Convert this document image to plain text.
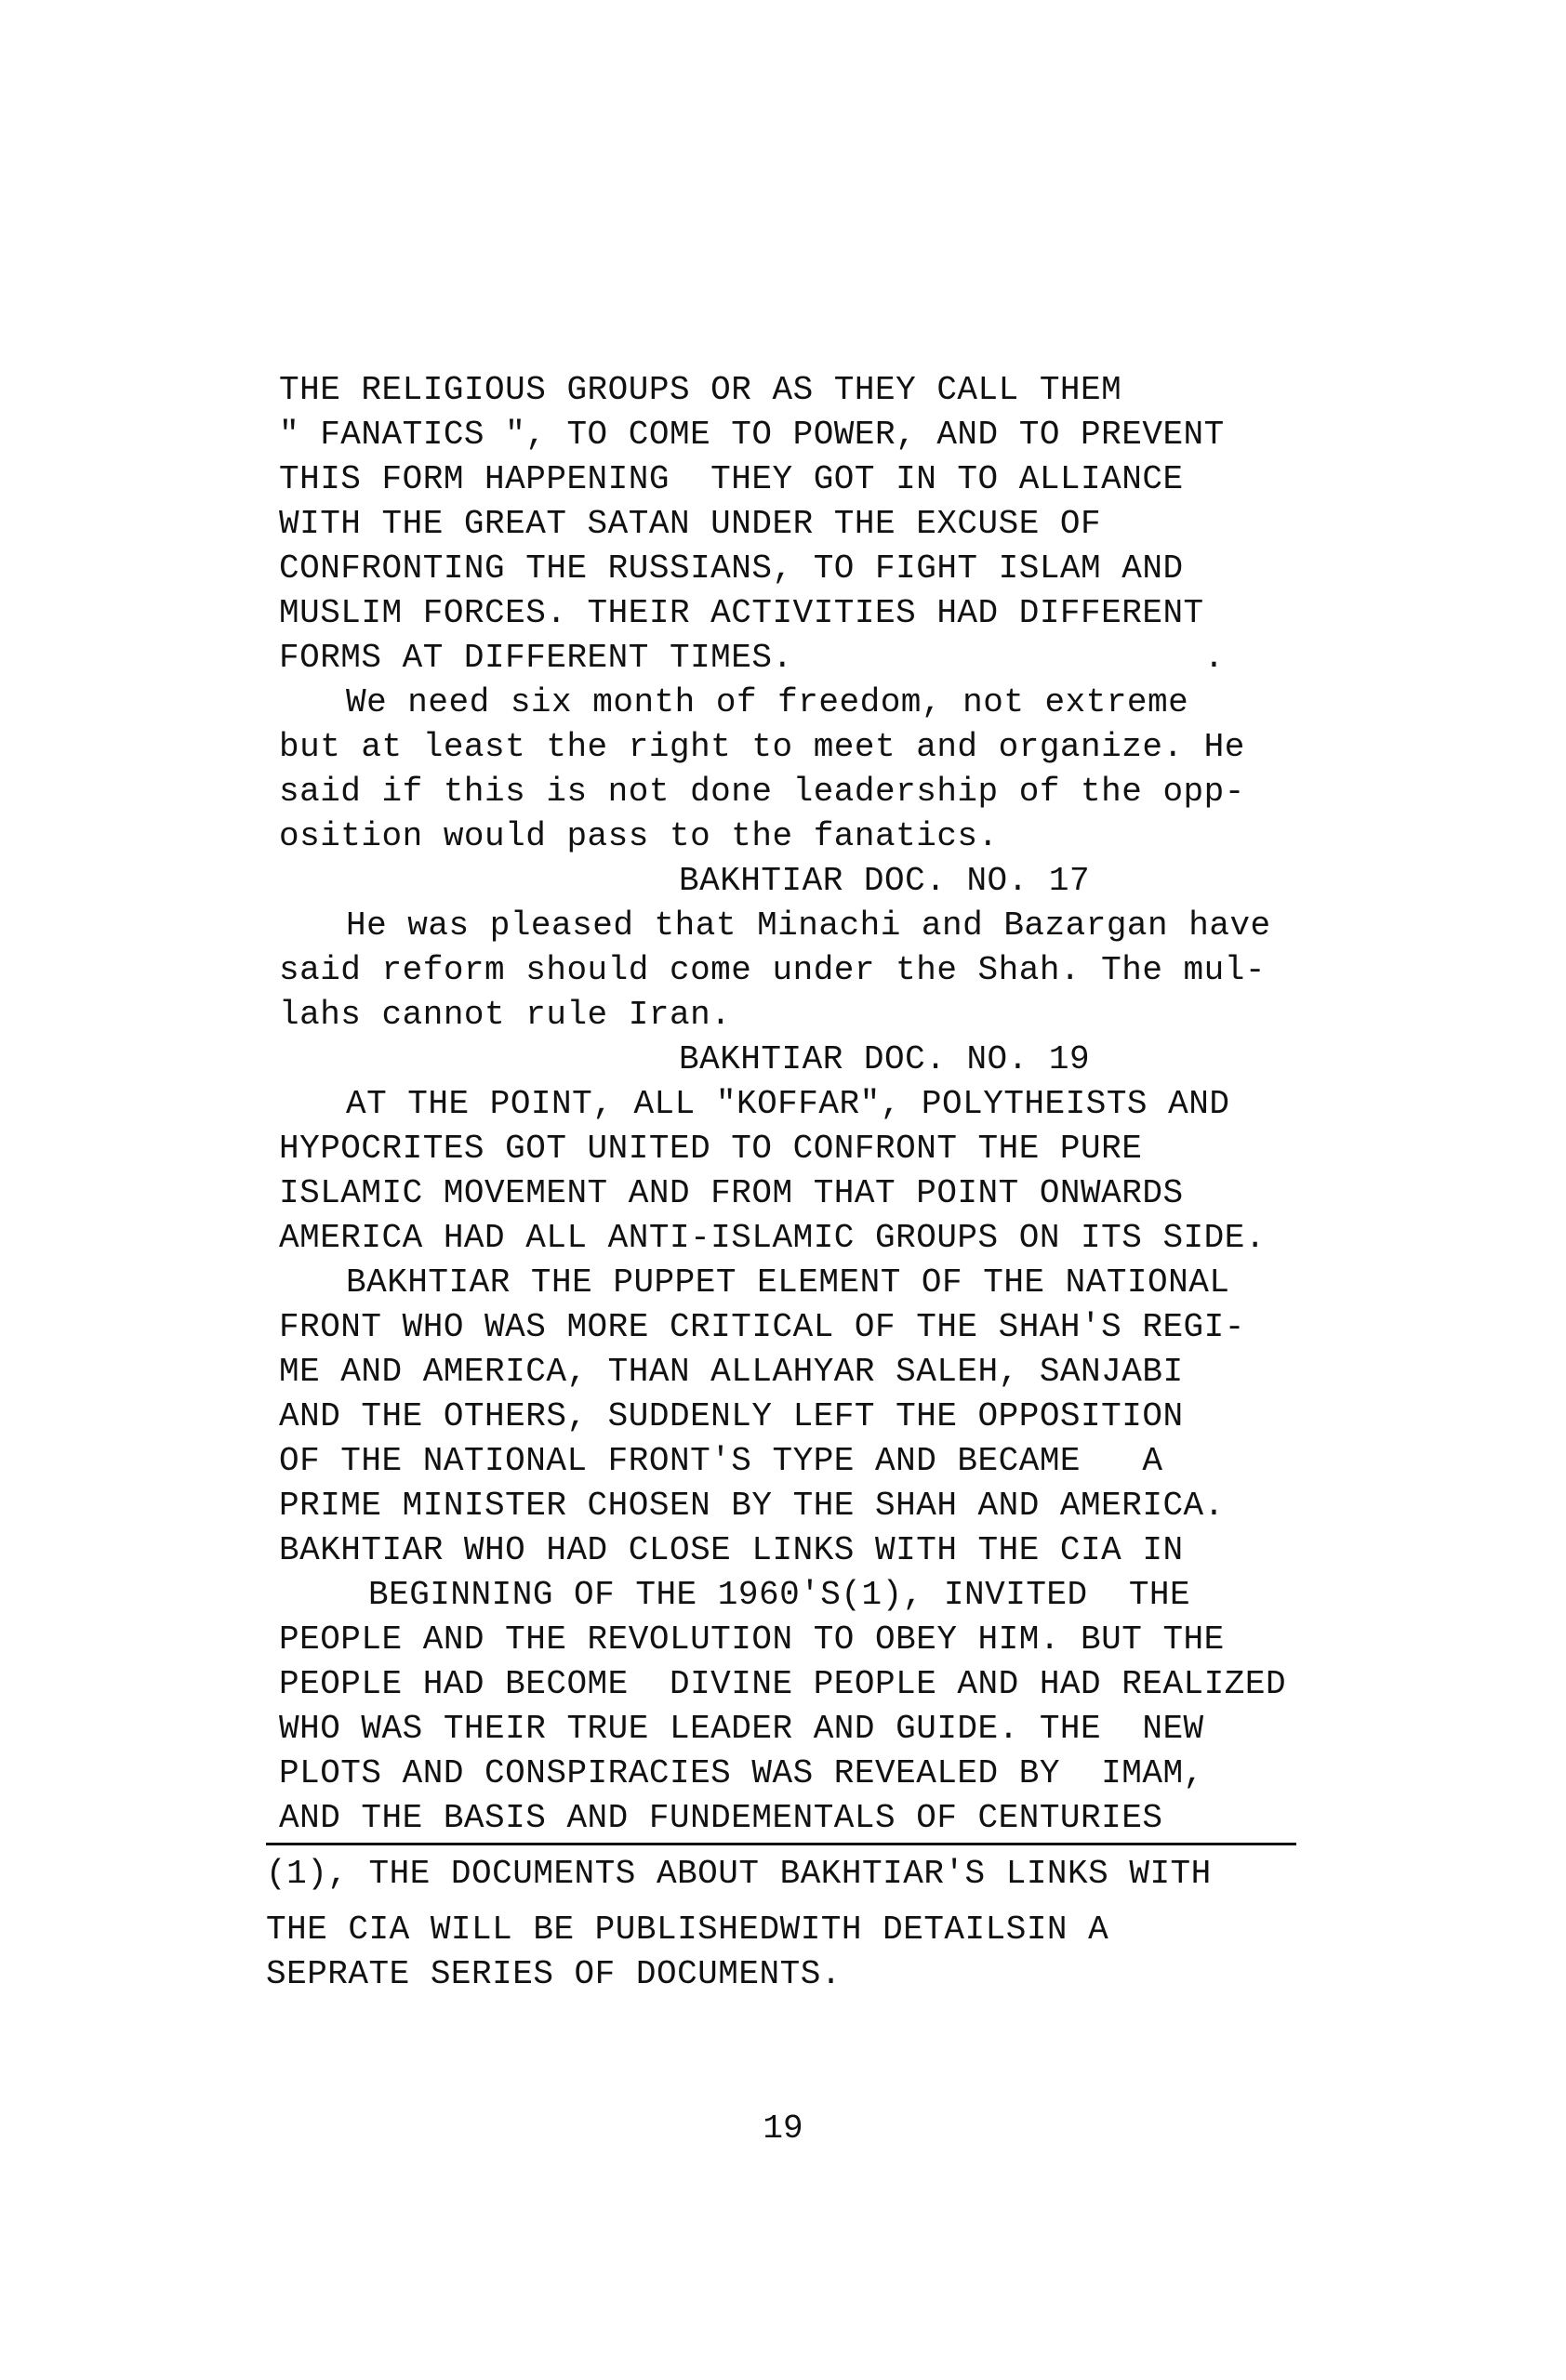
THE RELIGIOUS GROUPS OR AS THEY CALL THEM
" FANATICS ", TO COME TO POWER, AND TO PREVENT
THIS FORM HAPPENING  THEY GOT IN TO ALLIANCE
WITH THE GREAT SATAN UNDER THE EXCUSE OF
CONFRONTING THE RUSSIANS, TO FIGHT ISLAM AND
MUSLIM FORCES. THEIR ACTIVITIES HAD DIFFERENT
FORMS AT DIFFERENT TIMES.                    .
We need six month of freedom, not extreme
but at least the right to meet and organize. He
said if this is not done leadership of the opp-
osition would pass to the fanatics.
BAKHTIAR DOC. NO. 17
He was pleased that Minachi and Bazargan have
said reform should come under the Shah. The mul-
lahs cannot rule Iran.
BAKHTIAR DOC. NO. 19
AT THE POINT, ALL "KOFFAR", POLYTHEISTS AND
HYPOCRITES GOT UNITED TO CONFRONT THE PURE
ISLAMIC MOVEMENT AND FROM THAT POINT ONWARDS
AMERICA HAD ALL ANTI-ISLAMIC GROUPS ON ITS SIDE.
BAKHTIAR THE PUPPET ELEMENT OF THE NATIONAL
FRONT WHO WAS MORE CRITICAL OF THE SHAH'S REGI-
ME AND AMERICA, THAN ALLAHYAR SALEH, SANJABI
AND THE OTHERS, SUDDENLY LEFT THE OPPOSITION
OF THE NATIONAL FRONT'S TYPE AND BECAME   A
PRIME MINISTER CHOSEN BY THE SHAH AND AMERICA.
BAKHTIAR WHO HAD CLOSE LINKS WITH THE CIA IN
BEGINNING OF THE 1960'S(1), INVITED  THE
PEOPLE AND THE REVOLUTION TO OBEY HIM. BUT THE
PEOPLE HAD BECOME  DIVINE PEOPLE AND HAD REALIZED
WHO WAS THEIR TRUE LEADER AND GUIDE. THE  NEW
PLOTS AND CONSPIRACIES WAS REVEALED BY  IMAM,
AND THE BASIS AND FUNDEMENTALS OF CENTURIES
(1), THE DOCUMENTS ABOUT BAKHTIAR'S LINKS WITH
THE CIA WILL BE PUBLISHEDWITH DETAILSIN A
SEPRATE SERIES OF DOCUMENTS.
19
